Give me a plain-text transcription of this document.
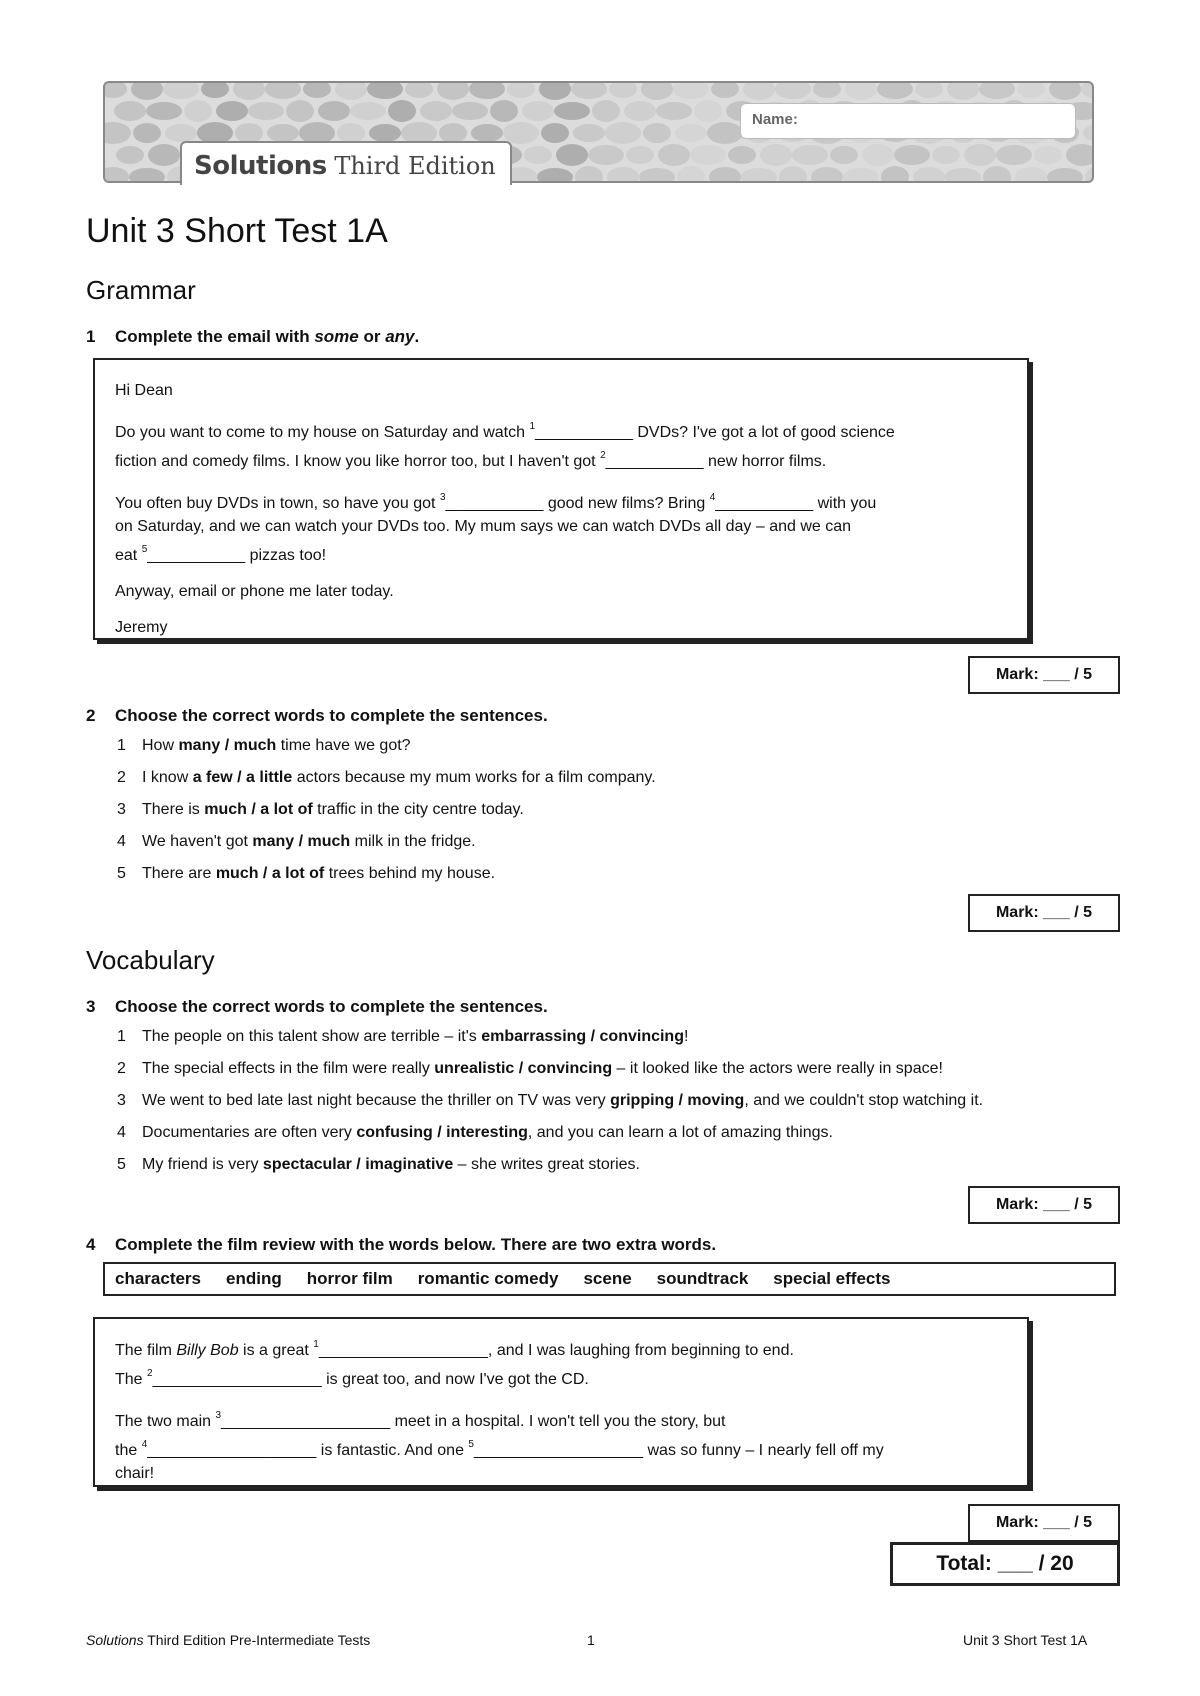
Name:
Solutions Third Edition
Unit 3 Short Test 1A
Grammar
1 Complete the email with some or any.

Hi Dean

Do you want to come to my house on Saturday and watch $^1$___________ DVDs? I've got a lot of good science
fiction and comedy films. I know you like horror too, but I haven't got $^2$___________ new horror films.

You often buy DVDs in town, so have you got $^3$___________ good new films? Bring $^4$___________ with you
on Saturday, and we can watch your DVDs too. My mum says we can watch DVDs all day – and we can
eat $^5$___________ pizzas too!

Anyway, email or phone me later today.

Jeremy

Mark: ___ / 5
2 Choose the correct words to complete the sentences.
1 How many / much time have we got?
2 I know a few / a little actors because my mum works for a film company.
3 There is much / a lot of traffic in the city centre today.
4 We haven't got many / much milk in the fridge.
5 There are much / a lot of trees behind my house.
Mark: ___ / 5
Vocabulary
3 Choose the correct words to complete the sentences.
1 The people on this talent show are terrible – it's embarrassing / convincing!
2 The special effects in the film were really unrealistic / convincing – it looked like the actors were really in space!
3 We went to bed late last night because the thriller on TV was very gripping / moving, and we couldn't stop watching it.
4 Documentaries are often very confusing / interesting, and you can learn a lot of amazing things.
5 My friend is very spectacular / imaginative – she writes great stories.
Mark: ___ / 5
4 Complete the film review with the words below. There are two extra words.
characters ending horror film romantic comedy scene soundtrack special effects

The film Billy Bob is a great $^1$___________________, and I was laughing from beginning to end.
The $^2$___________________ is great too, and now I've got the CD.

The two main $^3$___________________ meet in a hospital. I won't tell you the story, but
the $^4$___________________ is fantastic. And one $^5$___________________ was so funny – I nearly fell off my
chair!

Mark: ___ / 5
Total: ___ / 20
Solutions Third Edition Pre-Intermediate Tests	1	Unit 3 Short Test 1A
